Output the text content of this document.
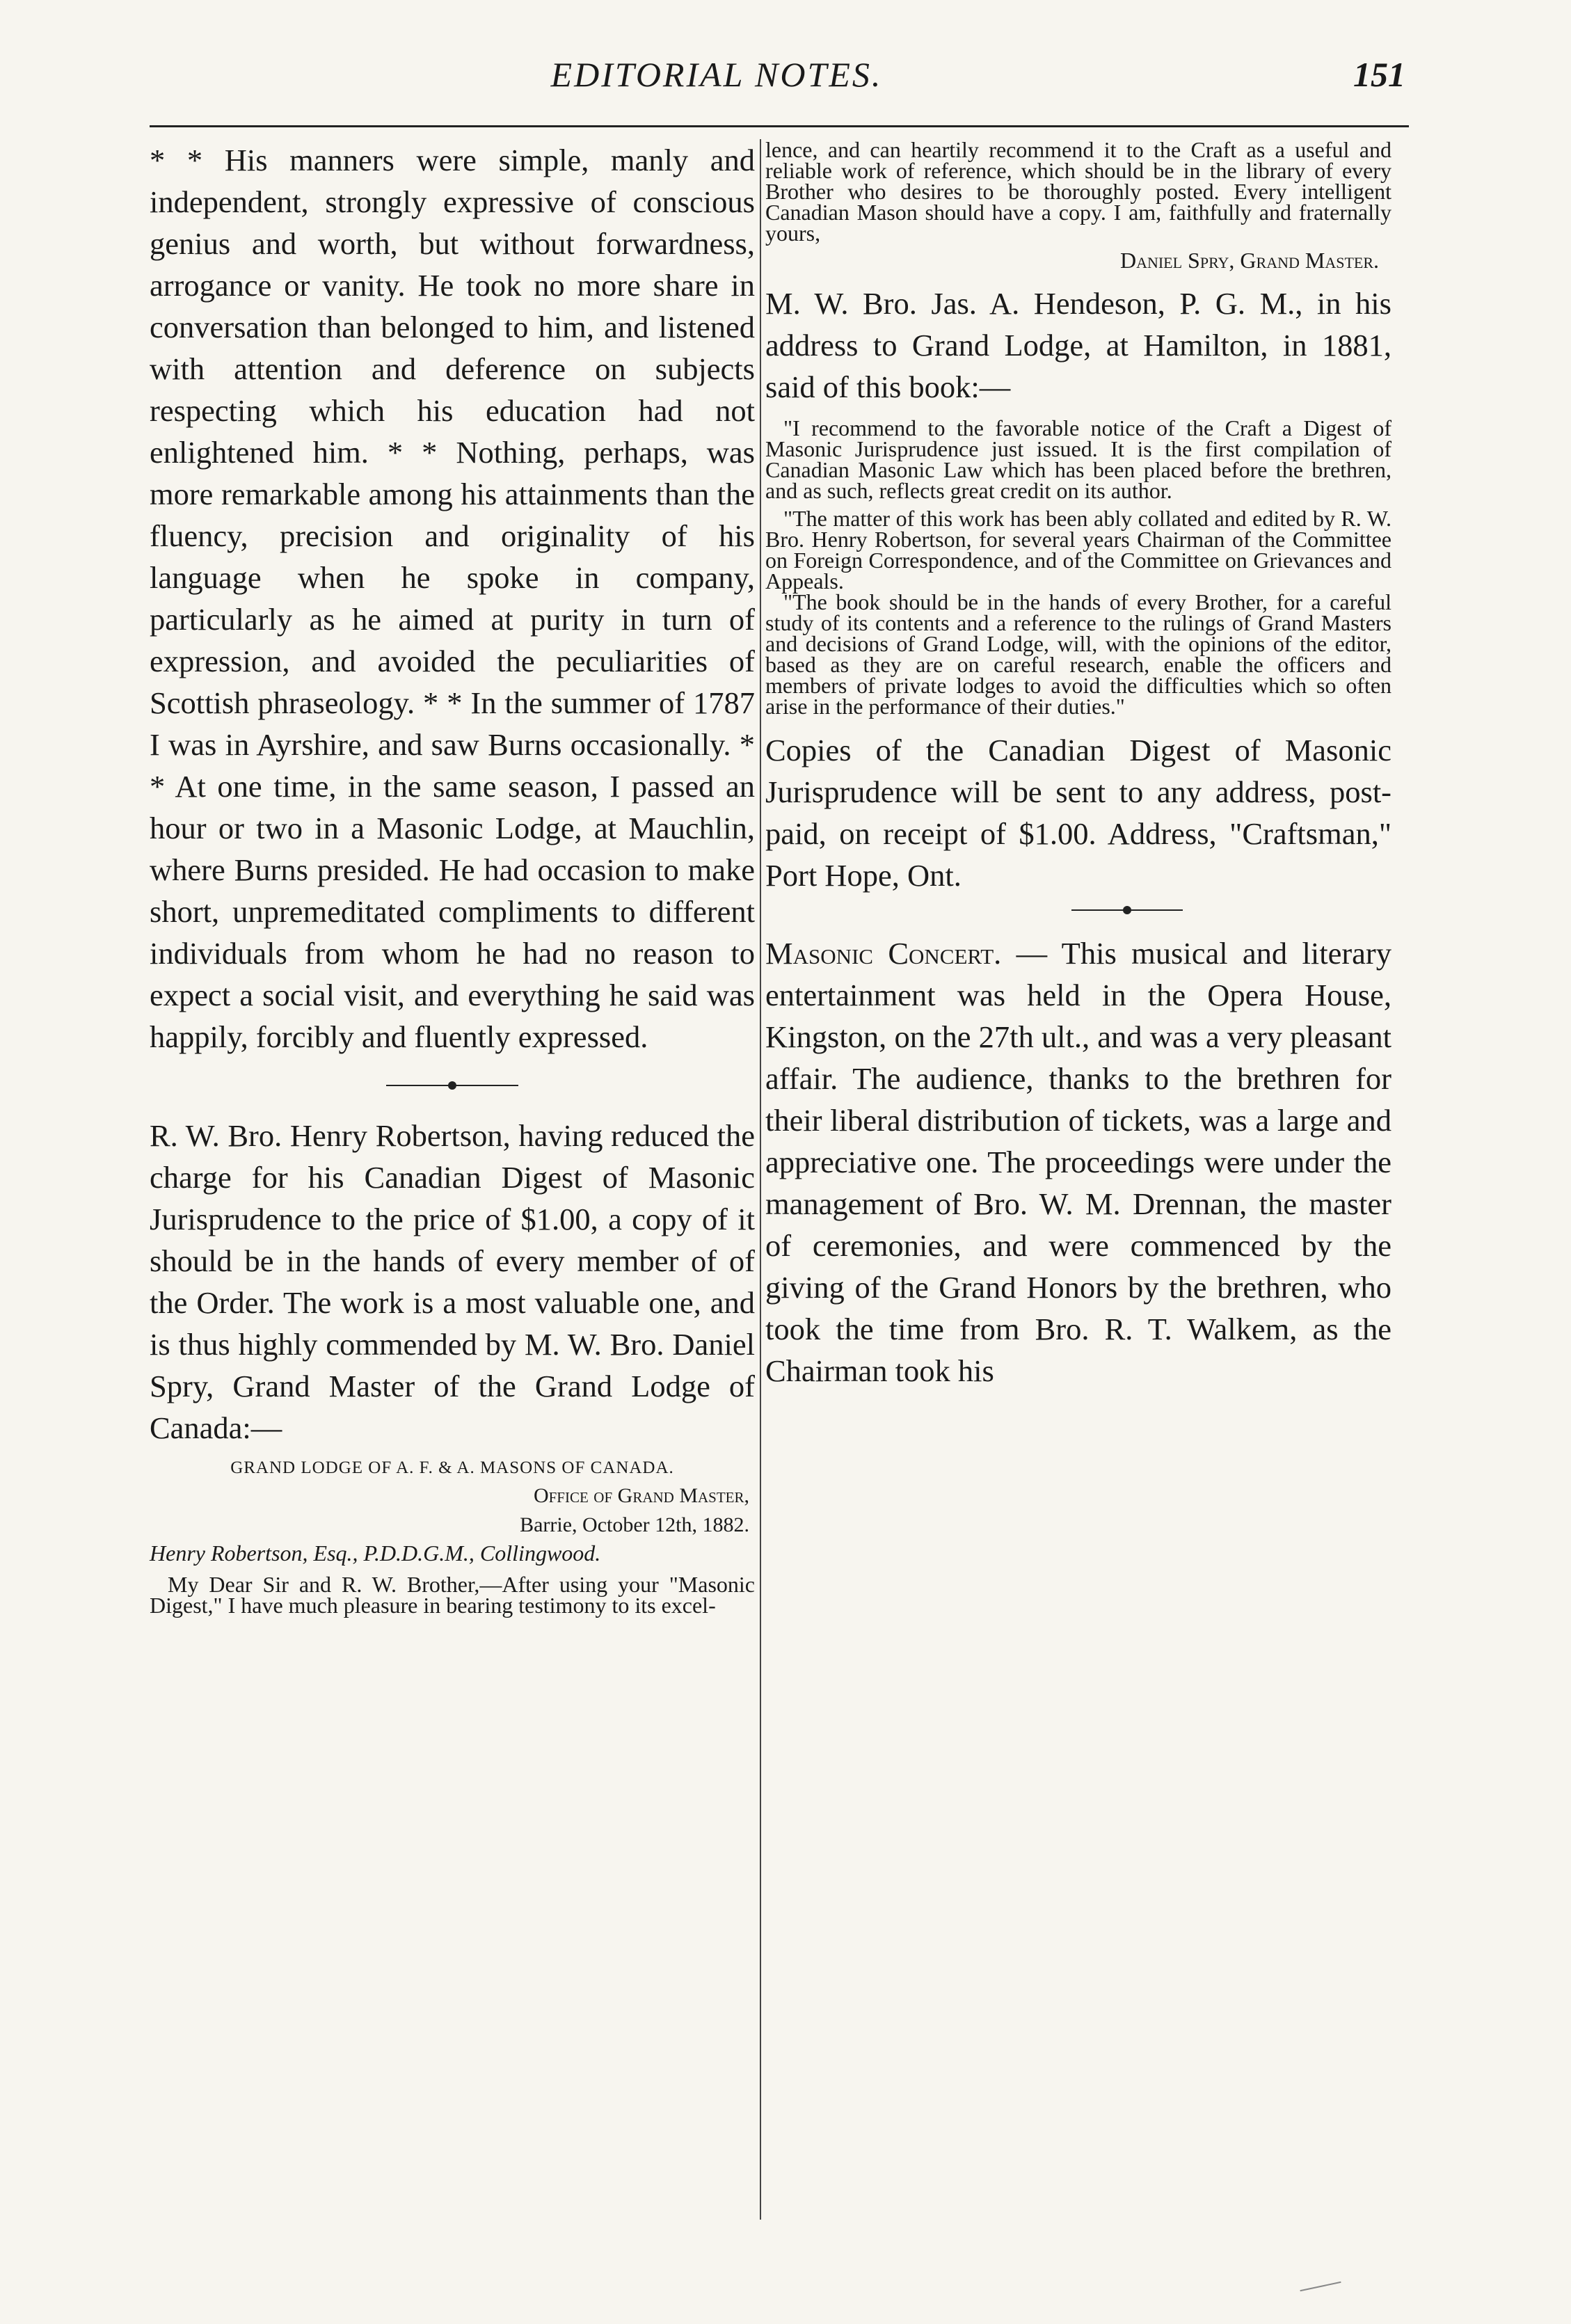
EDITORIAL NOTES.	151

* * His manners were simple, manly and independent, strongly expressive of conscious genius and worth, but without forwardness, arrogance or vanity. He took no more share in conversation than belonged to him, and listened with attention and deference on subjects respecting which his education had not enlightened him. * * Nothing, perhaps, was more remarkable among his attainments than the fluency, precision and originality of his language when he spoke in company, particularly as he aimed at purity in turn of expression, and avoided the peculiarities of Scottish phraseology. * * In the summer of 1787 I was in Ayrshire, and saw Burns occasionally. * * At one time, in the same season, I passed an hour or two in a Masonic Lodge, at Mauchlin, where Burns presided. He had occasion to make short, unpremeditated compliments to different individuals from whom he had no reason to expect a social visit, and everything he said was happily, forcibly and fluently expressed.

R. W. Bro. Henry Robertson, having reduced the charge for his Canadian Digest of Masonic Jurisprudence to the price of $1.00, a copy of it should be in the hands of every member of of the Order. The work is a most valuable one, and is thus highly commended by M. W. Bro. Daniel Spry, Grand Master of the Grand Lodge of Canada:—

GRAND LODGE OF A. F. & A. MASONS OF CANADA.

Office of Grand Master,

Barrie, October 12th, 1882.

Henry Robertson, Esq., P.D.D.G.M., Collingwood.

My Dear Sir and R. W. Brother,—After using your "Masonic Digest," I have much pleasure in bearing testimony to its excel-

lence, and can heartily recommend it to the Craft as a useful and reliable work of reference, which should be in the library of every Brother who desires to be thoroughly posted. Every intelligent Canadian Mason should have a copy. I am, faithfully and fraternally yours,

Daniel Spry, Grand Master.

M. W. Bro. Jas. A. Hendeson, P. G. M., in his address to Grand Lodge, at Hamilton, in 1881, said of this book:—

"I recommend to the favorable notice of the Craft a Digest of Masonic Jurisprudence just issued. It is the first compilation of Canadian Masonic Law which has been placed before the brethren, and as such, reflects great credit on its author.

"The matter of this work has been ably collated and edited by R. W. Bro. Henry Robertson, for several years Chairman of the Committee on Foreign Correspondence, and of the Committee on Grievances and Appeals.

"The book should be in the hands of every Brother, for a careful study of its contents and a reference to the rulings of Grand Masters and decisions of Grand Lodge, will, with the opinions of the editor, based as they are on careful research, enable the officers and members of private lodges to avoid the difficulties which so often arise in the performance of their duties."

Copies of the Canadian Digest of Masonic Jurisprudence will be sent to any address, post-paid, on receipt of $1.00. Address, "Craftsman," Port Hope, Ont.

Masonic Concert. — This musical and literary entertainment was held in the Opera House, Kingston, on the 27th ult., and was a very pleasant affair. The audience, thanks to the brethren for their liberal distribution of tickets, was a large and appreciative one. The proceedings were under the management of Bro. W. M. Drennan, the master of ceremonies, and were commenced by the giving of the Grand Honors by the brethren, who took the time from Bro. R. T. Walkem, as the Chairman took his
